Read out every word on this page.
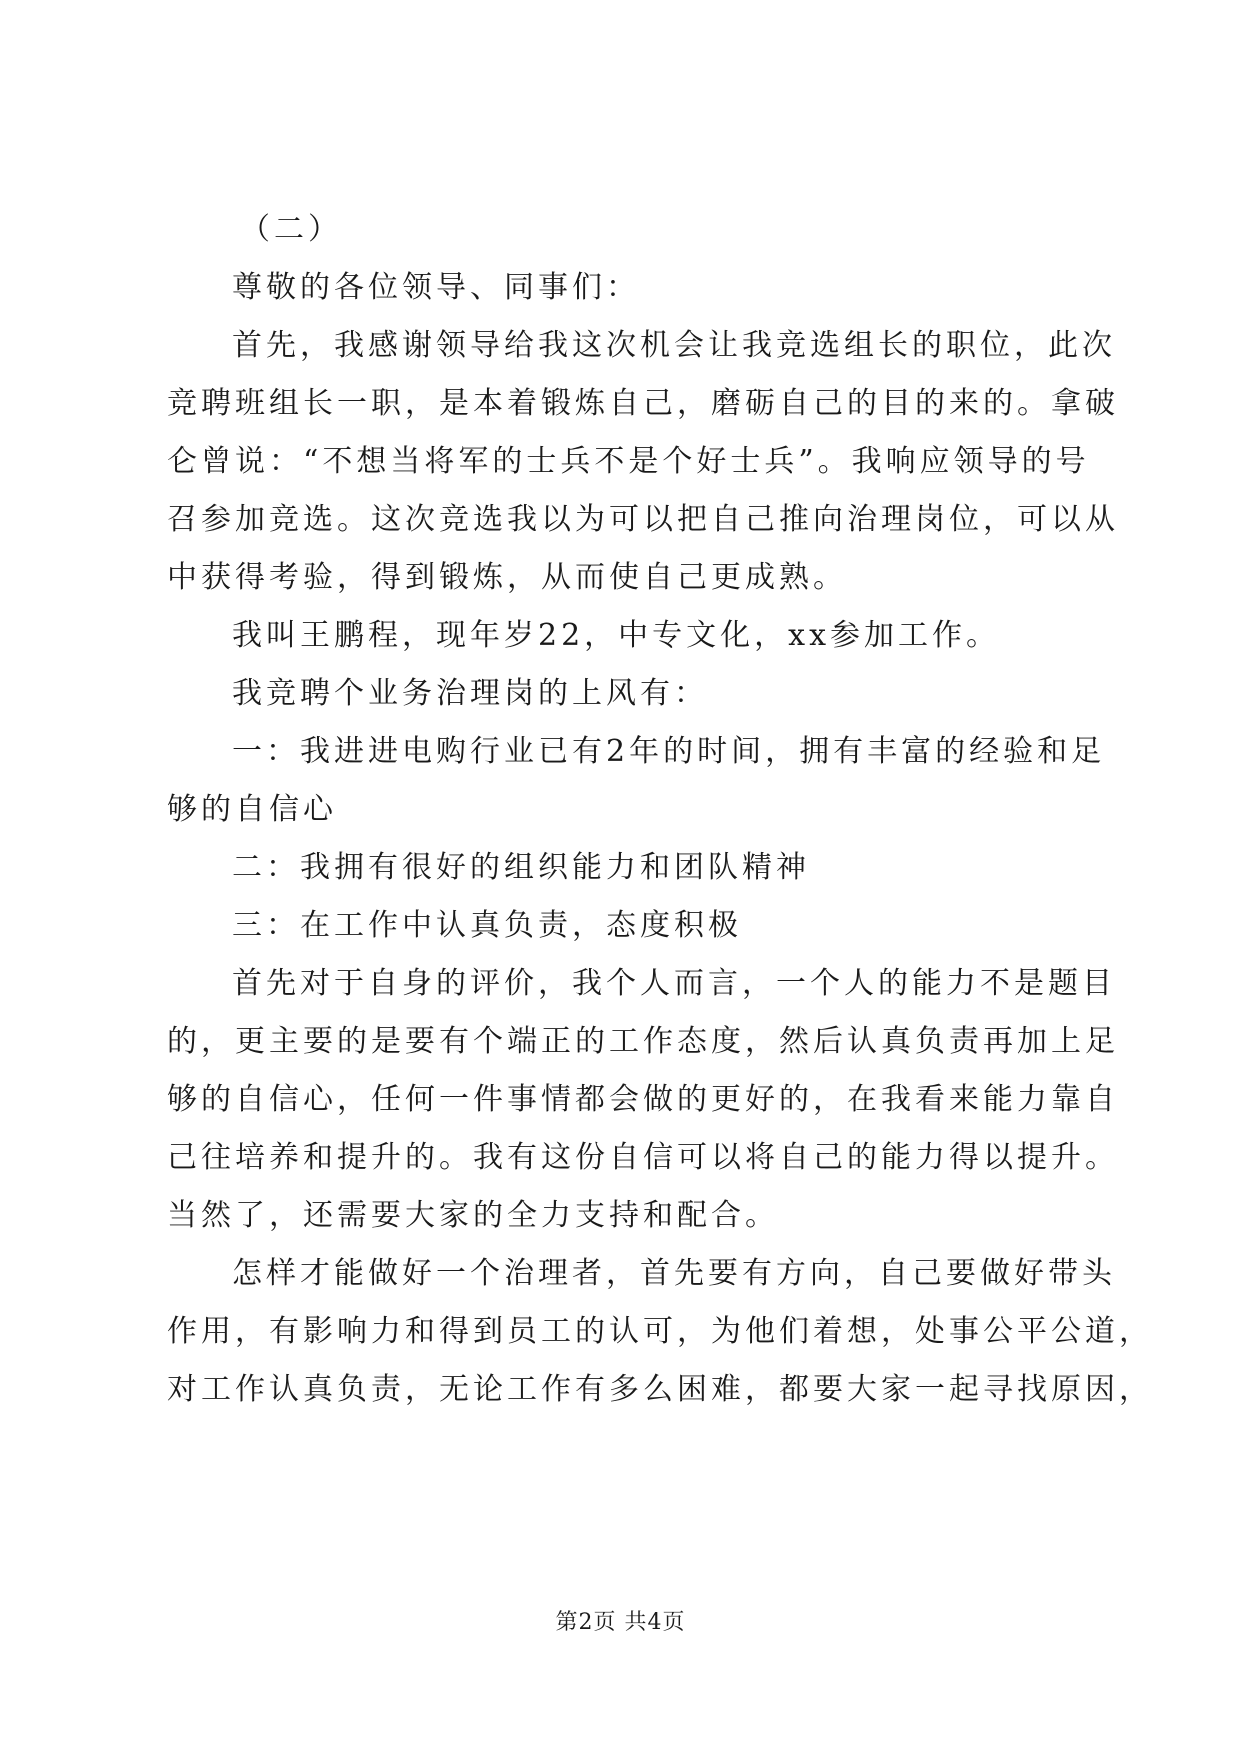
（二）
尊敬的各位领导、同事们：
首先，我感谢领导给我这次机会让我竞选组长的职位，此次
竞聘班组长一职，是本着锻炼自己，磨砺自己的目的来的。拿破
仑曾说：“不想当将军的士兵不是个好士兵”。我响应领导的号
召参加竞选。这次竞选我以为可以把自己推向治理岗位，可以从
中获得考验，得到锻炼，从而使自己更成熟。
我叫王鹏程，现年岁22，中专文化，xx参加工作。
我竞聘个业务治理岗的上风有：
一：我进进电购行业已有2年的时间，拥有丰富的经验和足
够的自信心
二：我拥有很好的组织能力和团队精神
三：在工作中认真负责，态度积极
首先对于自身的评价，我个人而言，一个人的能力不是题目
的，更主要的是要有个端正的工作态度，然后认真负责再加上足
够的自信心，任何一件事情都会做的更好的，在我看来能力靠自
己往培养和提升的。我有这份自信可以将自己的能力得以提升。
当然了，还需要大家的全力支持和配合。
怎样才能做好一个治理者，首先要有方向，自己要做好带头
作用，有影响力和得到员工的认可，为他们着想，处事公平公道，
对工作认真负责，无论工作有多么困难，都要大家一起寻找原因，
第2页 共4页
